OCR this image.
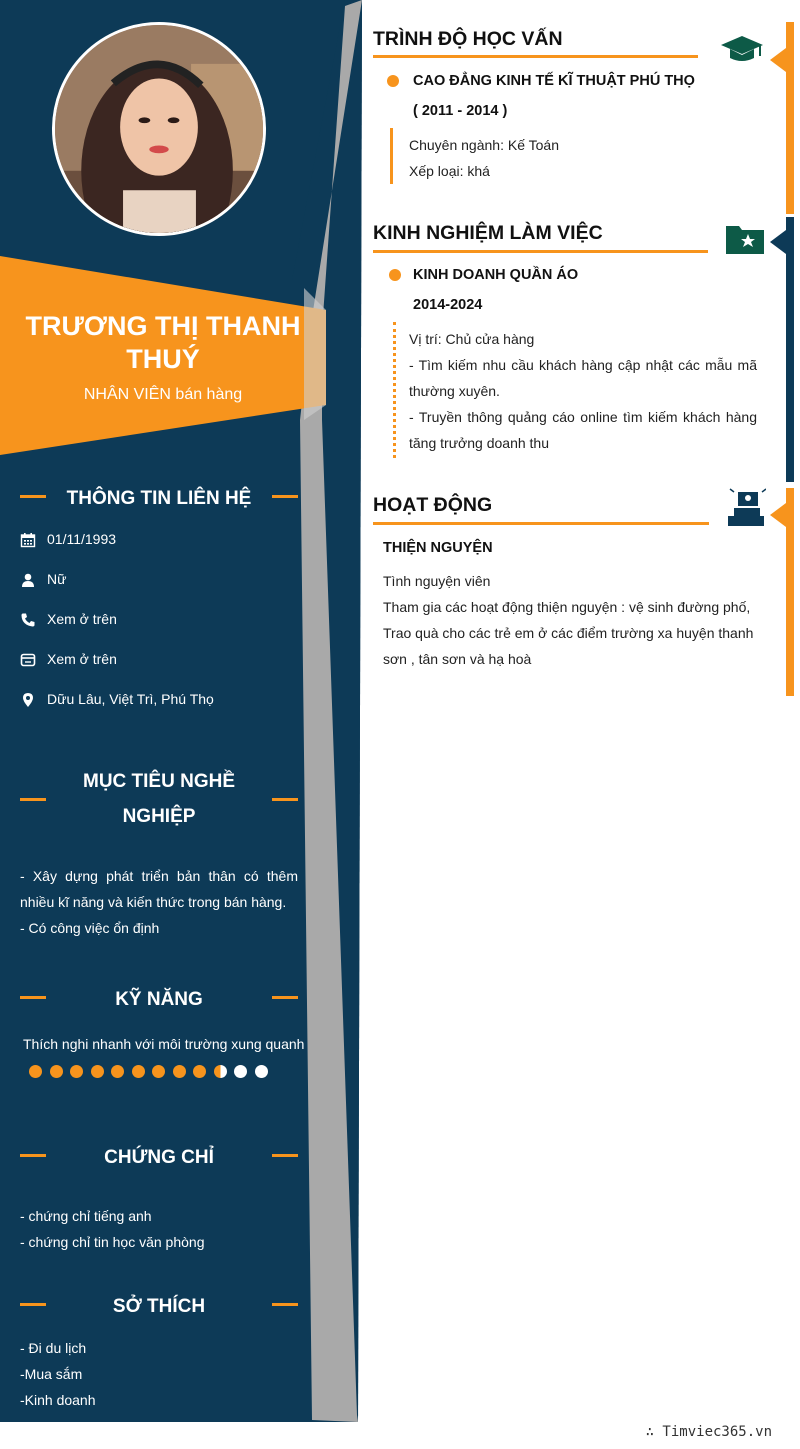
TRƯƠNG THỊ THANH
THUÝ
NHÂN VIÊN bán hàng
THÔNG TIN LIÊN HỆ
01/11/1993
Nữ
Xem ở trên
Xem ở trên
Dữu Lâu, Việt Trì, Phú Thọ
MỤC TIÊU NGHỀ
NGHIỆP
- Xây dựng phát triển bản thân có thêm nhiều kĩ năng và kiến thức trong bán hàng.
- Có công việc ổn định
KỸ NĂNG
Thích nghi nhanh với môi trường xung quanh
CHỨNG CHỈ
- chứng chỉ tiếng anh
- chứng chỉ tin học văn phòng
SỞ THÍCH
- Đi du lịch
-Mua sắm
-Kinh doanh
TRÌNH ĐỘ HỌC VẤN
CAO ĐẲNG KINH TẾ KĨ THUẬT PHÚ THỌ
( 2011 - 2014 )
Chuyên ngành: Kế Toán
Xếp loại: khá
KINH NGHIỆM LÀM VIỆC
KINH DOANH QUẦN ÁO
2014-2024
Vị trí: Chủ cửa hàng
- Tìm kiếm nhu cầu khách hàng cập nhật các mẫu mã thường xuyên.
- Truyền thông quảng cáo online tìm kiếm khách hàng tăng trưởng doanh thu
HOẠT ĐỘNG
THIỆN NGUYỆN
Tình nguyện viên
Tham gia các hoạt động thiện nguyện : vệ sinh đường phố, Trao quà cho các trẻ em ở các điểm trường xa huyện thanh sơn , tân sơn và hạ hoà
∴ Timviec365.vn
